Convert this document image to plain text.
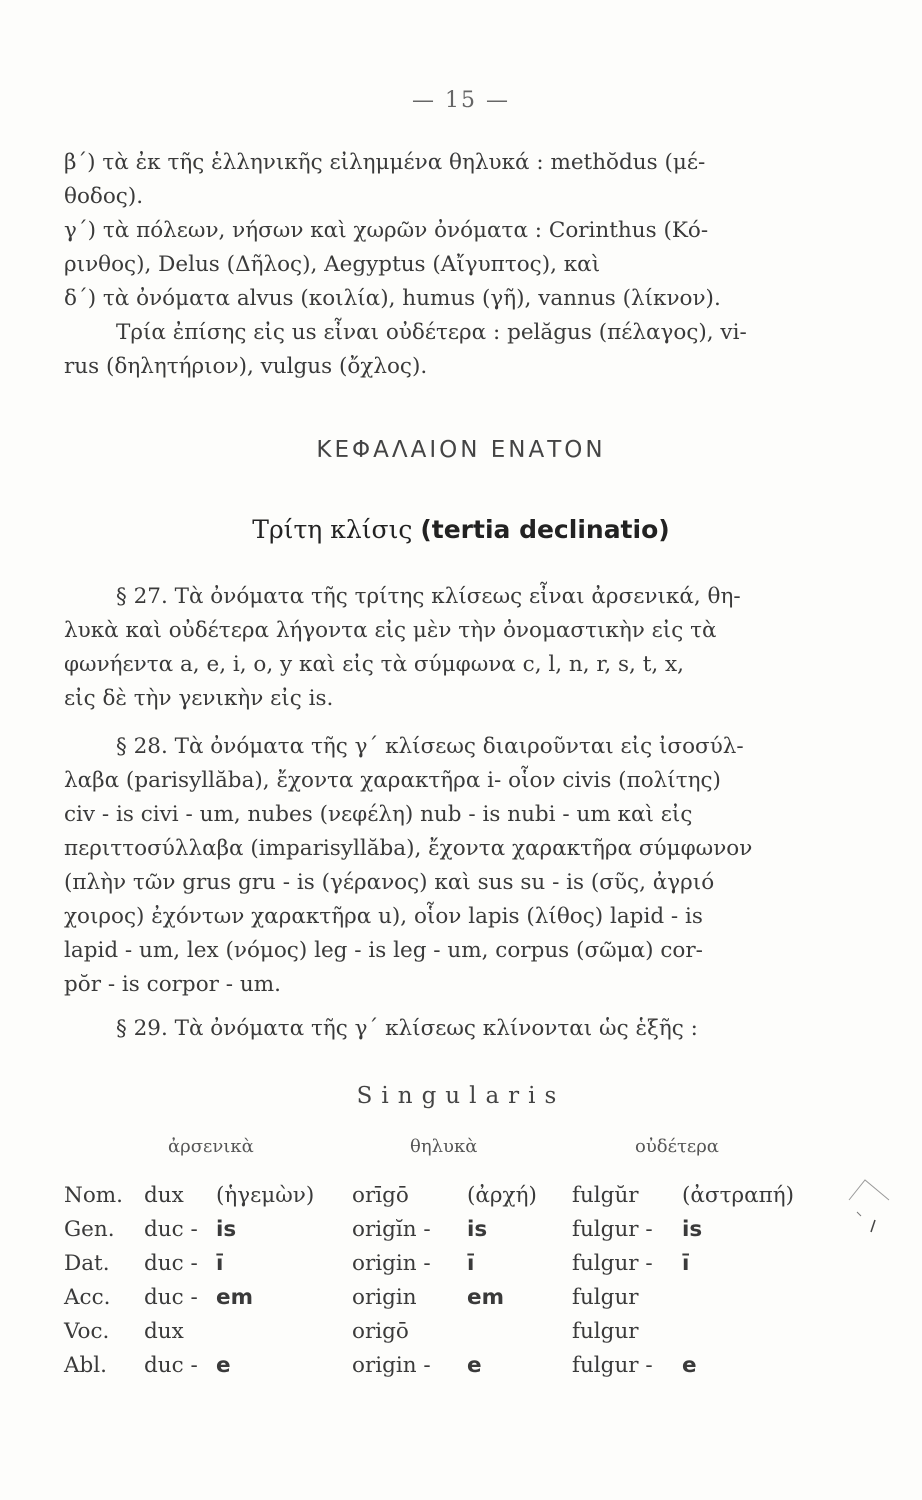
— 15 —
β΄) τὰ ἐκ τῆς ἑλληνικῆς εἰλημμένα θηλυκά : methŏdus (μέ-
θοδος).
γ΄) τὰ πόλεων, νήσων καὶ χωρῶν ὀνόματα : Corinthus (Κό-
ρινθος), Delus (Δῆλος), Aegyptus (Αἴγυπτος), καὶ
δ΄) τὰ ὀνόματα alvus (κοιλία), humus (γῆ), vannus (λίκνον).
Τρία ἐπίσης εἰς us εἶναι οὐδέτερα : pelăgus (πέλαγος), vi-
rus (δηλητήριον), vulgus (ὄχλος).
ΚΕΦΑΛΑΙΟΝ ΕΝΑΤΟΝ
Τρίτη κλίσις (tertia declinatio)
§ 27. Τὰ ὀνόματα τῆς τρίτης κλίσεως εἶναι ἀρσενικά, θη-
λυκὰ καὶ οὐδέτερα λήγοντα εἰς μὲν τὴν ὀνομαστικὴν εἰς τὰ
φωνήεντα a, e, i, o, y καὶ εἰς τὰ σύμφωνα c, l, n, r, s, t, x,
εἰς δὲ τὴν γενικὴν εἰς is.
§ 28. Τὰ ὀνόματα τῆς γ΄ κλίσεως διαιροῦνται εἰς ἰσοσύλ-
λαβα (parisyllăba), ἔχοντα χαρακτῆρα i- οἷον civis (πολίτης)
civ - is civi - um, nubes (νεφέλη) nub - is nubi - um καὶ εἰς
περιττοσύλλαβα (imparisyllăba), ἔχοντα χαρακτῆρα σύμφωνον
(πλὴν τῶν grus gru - is (γέρανος) καὶ sus su - is (σῦς, ἀγριό
χοιρος) ἐχόντων χαρακτῆρα u), οἷον lapis (λίθος) lapid - is
lapid - um, lex (νόμος) leg - is leg - um, corpus (σῶμα) cor-
pŏr - is corpor - um.
§ 29. Τὰ ὀνόματα τῆς γ΄ κλίσεως κλίνονται ὡς ἑξῆς :
Singularis
ἀρσενικὰ	θηλυκὰ	οὐδέτερα
Nom.	dux	(ἡγεμὼν)	orīgō	(ἀρχή)	fulgŭr	(ἀστραπή)
Gen.	duc -	is	origĭn -	is	fulgur -	is
Dat.	duc -	ī	origin -	ī	fulgur -	ī
Acc.	duc -	em	origin	em	fulgur	
Voc.	dux		origō		fulgur	
Abl.	duc -	e	origin -	e	fulgur -	e
